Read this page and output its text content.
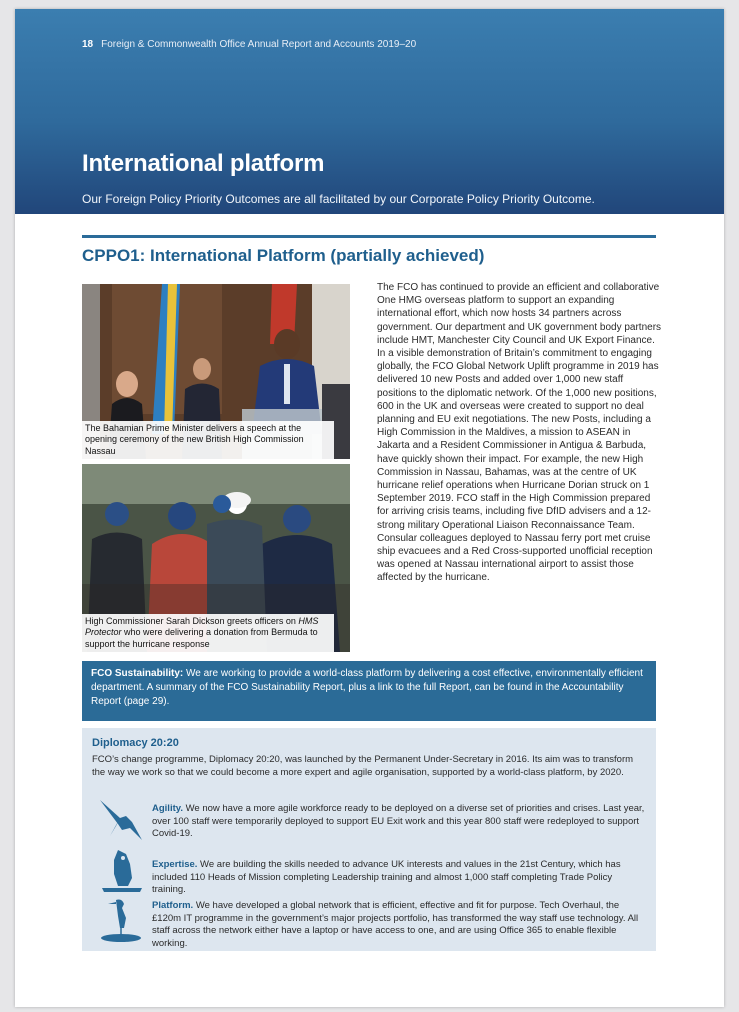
18 Foreign & Commonwealth Office Annual Report and Accounts 2019–20
International platform
Our Foreign Policy Priority Outcomes are all facilitated by our Corporate Policy Priority Outcome.
CPPO1: International Platform (partially achieved)
The Bahamian Prime Minister delivers a speech at the opening ceremony of the new British High Commission Nassau
High Commissioner Sarah Dickson greets officers on HMS Protector who were delivering a donation from Bermuda to support the hurricane response
The FCO has continued to provide an efficient and collaborative One HMG overseas platform to support an expanding international effort, which now hosts 34 partners across government. Our department and UK government body partners include HMT, Manchester City Council and UK Export Finance. In a visible demonstration of Britain’s commitment to engaging globally, the FCO Global Network Uplift programme in 2019 has delivered 10 new Posts and added over 1,000 new staff positions to the diplomatic network. Of the 1,000 new positions, 600 in the UK and overseas were created to support no deal planning and EU exit negotiations. The new Posts, including a High Commission in the Maldives, a mission to ASEAN in Jakarta and a Resident Commissioner in Antigua & Barbuda, have quickly shown their impact. For example, the new High Commission in Nassau, Bahamas, was at the centre of UK hurricane relief operations when Hurricane Dorian struck on 1 September 2019. FCO staff in the High Commission prepared for arriving crisis teams, including five DfID advisers and a 12-strong military Operational Liaison Reconnaissance Team. Consular colleagues deployed to Nassau ferry port met cruise ship evacuees and a Red Cross-supported unofficial reception was opened at Nassau international airport to assist those affected by the hurricane.
FCO Sustainability: We are working to provide a world-class platform by delivering a cost effective, environmentally efficient department. A summary of the FCO Sustainability Report, plus a link to the full Report, can be found in the Accountability Report (page 29).
Diplomacy 20:20
FCO’s change programme, Diplomacy 20:20, was launched by the Permanent Under-Secretary in 2016. Its aim was to transform the way we work so that we could become a more expert and agile organisation, supported by a world-class platform, by 2020.
Agility. We now have a more agile workforce ready to be deployed on a diverse set of priorities and crises. Last year, over 100 staff were temporarily deployed to support EU Exit work and this year 800 staff were redeployed to support Covid-19.
Expertise. We are building the skills needed to advance UK interests and values in the 21st Century, which has included 110 Heads of Mission completing Leadership training and almost 1,000 staff completing Trade Policy training.
Platform. We have developed a global network that is efficient, effective and fit for purpose. Tech Overhaul, the £120m IT programme in the government’s major projects portfolio, has transformed the way staff use technology. All staff across the network either have a laptop or have access to one, and are using Office 365 to enable flexible working.
